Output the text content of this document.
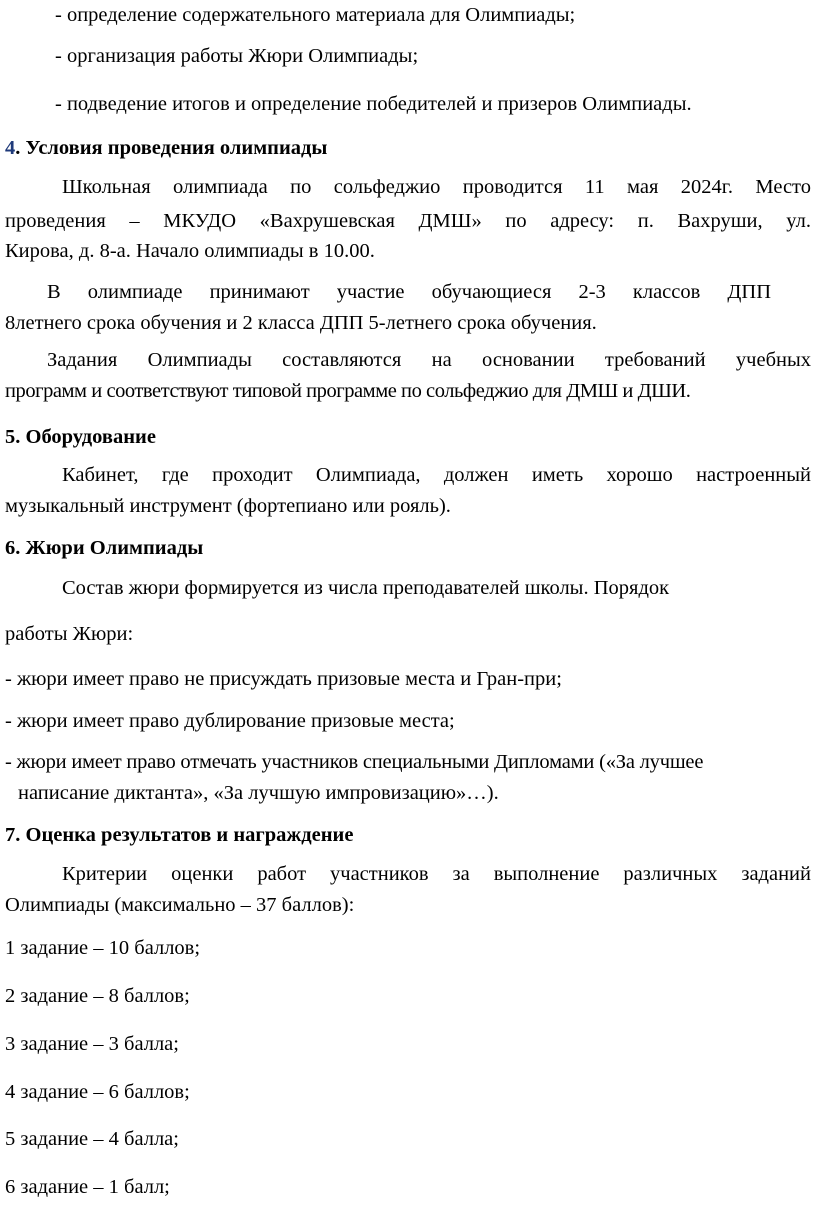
- определение содержательного материала для Олимпиады;
- организация работы Жюри Олимпиады;
- подведение итогов и определение победителей и призеров Олимпиады.
4. Условия проведения олимпиады
Школьная олимпиада по сольфеджио проводится 11 мая 2024г. Место
проведения – МКУДО «Вахрушевская ДМШ» по адресу: п. Вахруши, ул.
Кирова, д. 8-а. Начало олимпиады в 10.00.
В олимпиаде принимают участие обучающиеся 2-3 классов ДПП
8летнего срока обучения и 2 класса ДПП 5-летнего срока обучения.
Задания Олимпиады составляются на основании требований учебных
программ и соответствуют типовой программе по сольфеджио для ДМШ и ДШИ.
5. Оборудование
Кабинет, где проходит Олимпиада, должен иметь хорошо настроенный
музыкальный инструмент (фортепиано или рояль).
6. Жюри Олимпиады
Состав жюри формируется из числа преподавателей школы. Порядок
работы Жюри:
- жюри имеет право не присуждать призовые места и Гран-при;
- жюри имеет право дублирование призовые места;
- жюри имеет право отмечать участников специальными Дипломами («За лучшее
написание диктанта», «За лучшую импровизацию»…).
7. Оценка результатов и награждение
Критерии оценки работ участников за выполнение различных заданий
Олимпиады (максимально – 37 баллов):
1 задание – 10 баллов;
2 задание – 8 баллов;
3 задание – 3 балла;
4 задание – 6 баллов;
5 задание – 4 балла;
6 задание – 1 балл;
